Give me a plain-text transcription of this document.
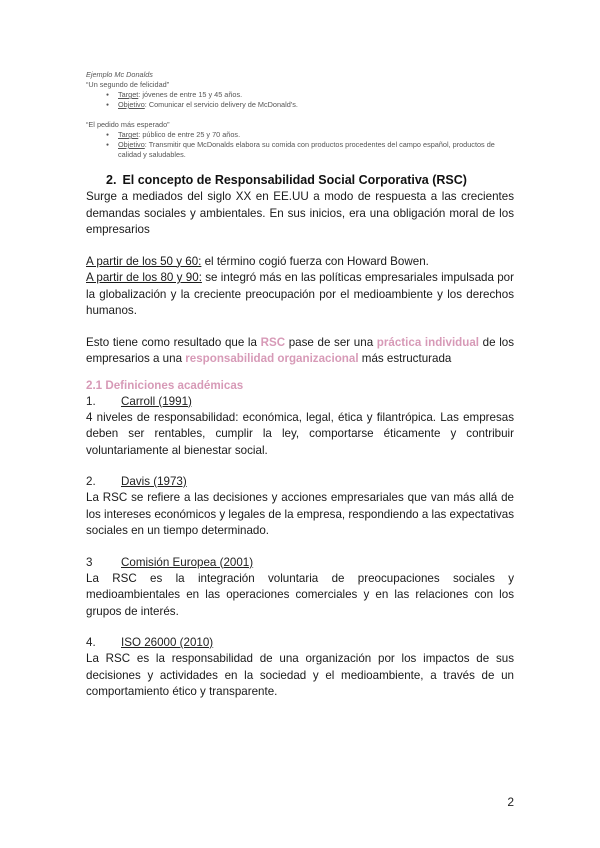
Ejemplo Mc Donalds
“Un segundo de felicidad”
● Target: jóvenes de entre 15 y 45 años.
● Objetivo: Comunicar el servicio delivery de McDonald’s.
“El pedido más esperado”
● Target: público de entre 25 y 70 años.
● Objetivo: Transmitir que McDonalds elabora su comida con productos procedentes del campo español, productos de calidad y saludables.
2. El concepto de Responsabilidad Social Corporativa (RSC)

Surge a mediados del siglo XX en EE.UU a modo de respuesta a las crecientes demandas sociales y ambientales. En sus inicios, era una obligación moral de los empresarios

A partir de los 50 y 60: el término cogió fuerza con Howard Bowen.

A partir de los 80 y 90: se integró más en las políticas empresariales impulsada por la globalización y la creciente preocupación por el medioambiente y los derechos humanos.

Esto tiene como resultado que la RSC pase de ser una práctica individual de los empresarios a una responsabilidad organizacional más estructurada

2.1 Definiciones académicas

1. Carroll (1991)

4 niveles de responsabilidad: económica, legal, ética y filantrópica. Las empresas deben ser rentables, cumplir la ley, comportarse éticamente y contribuir voluntariamente al bienestar social.

2. Davis (1973)

La RSC se refiere a las decisiones y acciones empresariales que van más allá de los intereses económicos y legales de la empresa, respondiendo a las expectativas sociales en un tiempo determinado.

3 Comisión Europea (2001)

La RSC es la integración voluntaria de preocupaciones sociales y medioambientales en las operaciones comerciales y en las relaciones con los grupos de interés.

4. ISO 26000 (2010)

La RSC es la responsabilidad de una organización por los impactos de sus decisiones y actividades en la sociedad y el medioambiente, a través de un comportamiento ético y transparente.

2
